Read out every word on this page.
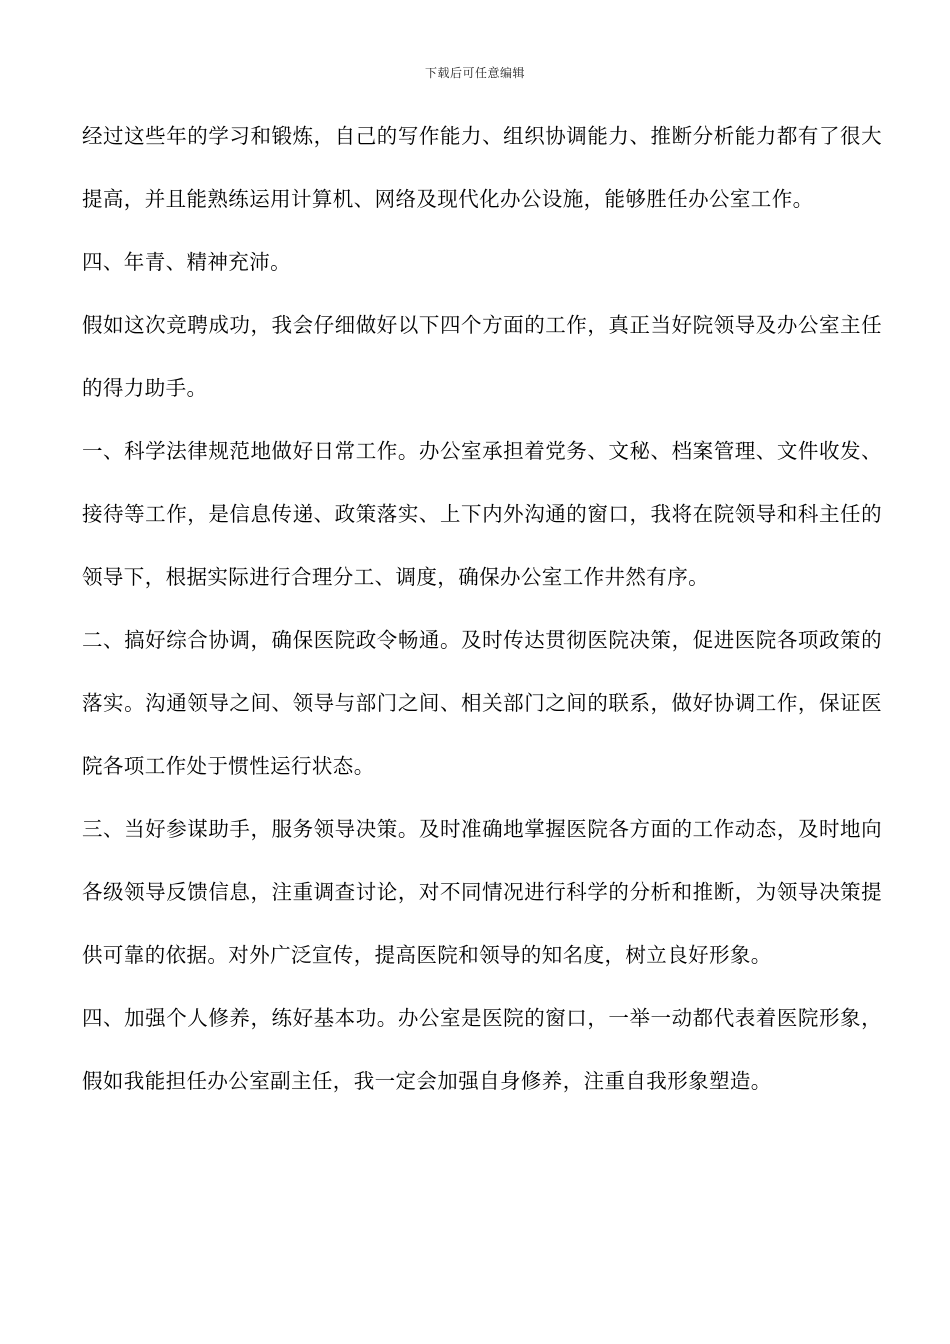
下载后可任意编辑

经过这些年的学习和锻炼，自己的写作能力、组织协调能力、推断分析能力都有了很大提高，并且能熟练运用计算机、网络及现代化办公设施，能够胜任办公室工作。

四、年青、精神充沛。

假如这次竞聘成功，我会仔细做好以下四个方面的工作，真正当好院领导及办公室主任的得力助手。

一、科学法律规范地做好日常工作。办公室承担着党务、文秘、档案管理、文件收发、接待等工作，是信息传递、政策落实、上下内外沟通的窗口，我将在院领导和科主任的领导下，根据实际进行合理分工、调度，确保办公室工作井然有序。

二、搞好综合协调，确保医院政令畅通。及时传达贯彻医院决策，促进医院各项政策的落实。沟通领导之间、领导与部门之间、相关部门之间的联系，做好协调工作，保证医院各项工作处于惯性运行状态。

三、当好参谋助手，服务领导决策。及时准确地掌握医院各方面的工作动态，及时地向各级领导反馈信息，注重调查讨论，对不同情况进行科学的分析和推断，为领导决策提供可靠的依据。对外广泛宣传，提高医院和领导的知名度，树立良好形象。

四、加强个人修养，练好基本功。办公室是医院的窗口，一举一动都代表着医院形象，假如我能担任办公室副主任，我一定会加强自身修养，注重自我形象塑造。
